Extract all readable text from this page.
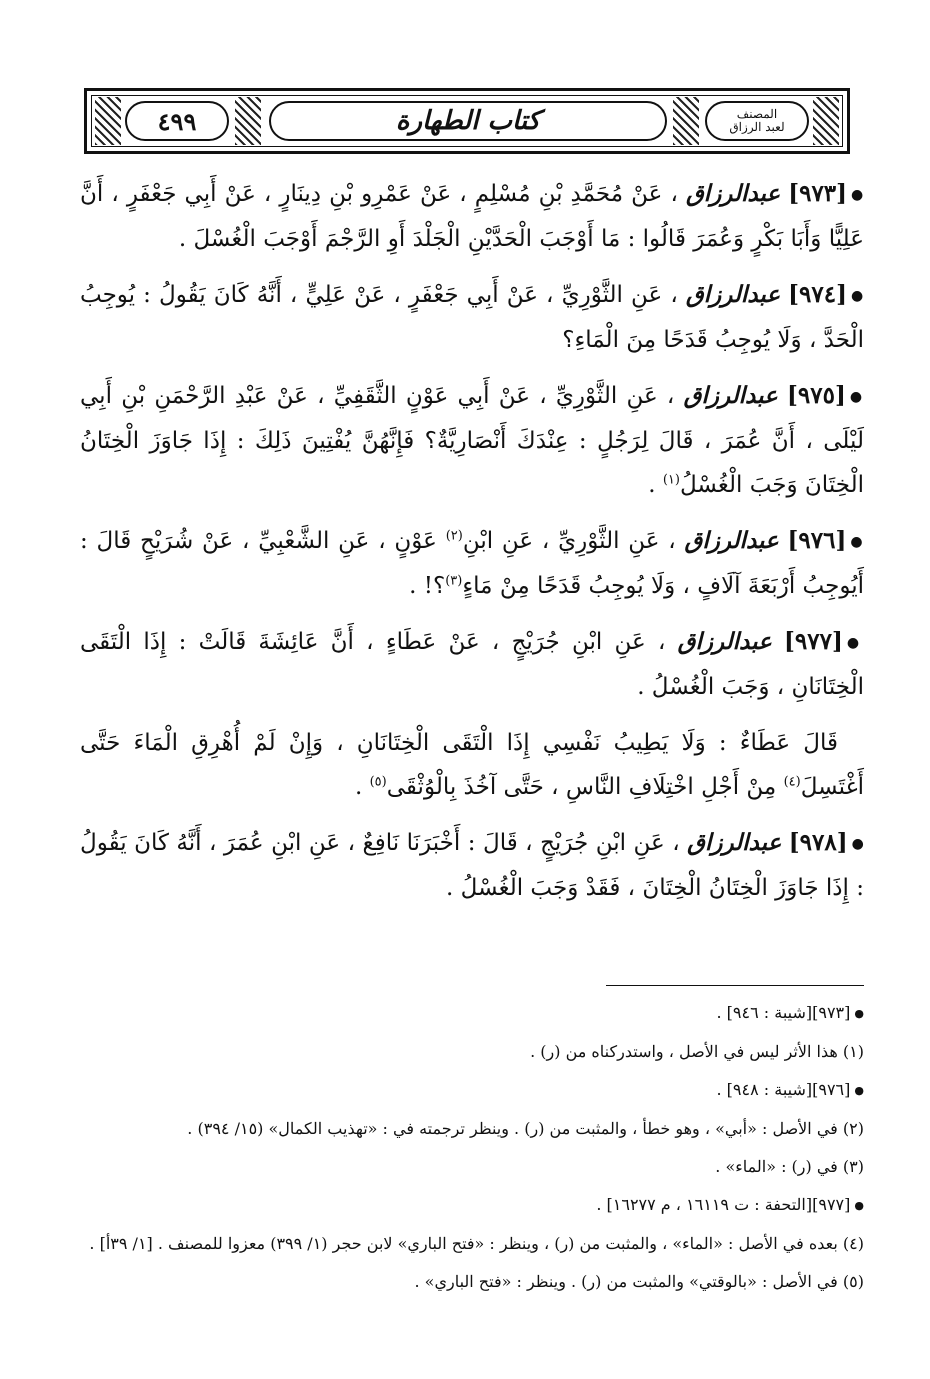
٤٩٩	كتاب الطهارة	المصنف
لعبد الرزاق

●[٩٧٣] عبدالرزاق ، عَنْ مُحَمَّدِ بْنِ مُسْلِمٍ ، عَنْ عَمْرِو بْنِ دِينَارٍ ، عَنْ أَبِي جَعْفَرٍ ، أَنَّ عَلِيًّا وَأَبَا بَكْرٍ وَعُمَرَ قَالُوا : مَا أَوْجَبَ الْحَدَّيْنِ الْجَلْدَ أَوِ الرَّجْمَ أَوْجَبَ الْغُسْلَ .

●[٩٧٤] عبدالرزاق ، عَنِ الثَّوْرِيِّ ، عَنْ أَبِي جَعْفَرٍ ، عَنْ عَلِيٍّ ، أَنَّهُ كَانَ يَقُولُ : يُوجِبُ الْحَدَّ ، وَلَا يُوجِبُ قَدَحًا مِنَ الْمَاءِ؟

●[٩٧٥] عبدالرزاق ، عَنِ الثَّوْرِيِّ ، عَنْ أَبِي عَوْنٍ الثَّقَفِيِّ ، عَنْ عَبْدِ الرَّحْمَنِ بْنِ أَبِي لَيْلَى ، أَنَّ عُمَرَ ، قَالَ لِرَجُلٍ : عِنْدَكَ أَنْصَارِيَّةٌ؟ فَإِنَّهُنَّ يُفْتِينَ ذَلِكَ : إِذَا جَاوَزَ الْخِتَانُ الْخِتَانَ وَجَبَ الْغُسْلُ$^{(١)}$ .

●[٩٧٦] عبدالرزاق ، عَنِ الثَّوْرِيِّ ، عَنِ ابْنِ$^{(٢)}$ عَوْنٍ ، عَنِ الشَّعْبِيِّ ، عَنْ شُرَيْحٍ قَالَ : أَيُوجِبُ أَرْبَعَةَ آلَافٍ ، وَلَا يُوجِبُ قَدَحًا مِنْ مَاءٍ$^{(٣)}$؟! .

●[٩٧٧] عبدالرزاق ، عَنِ ابْنِ جُرَيْجٍ ، عَنْ عَطَاءٍ ، أَنَّ عَائِشَةَ قَالَتْ : إِذَا الْتَقَى الْخِتَانَانِ ، وَجَبَ الْغُسْلُ .

قَالَ عَطَاءٌ : وَلَا يَطِيبُ نَفْسِي إِذَا الْتَقَى الْخِتَانَانِ ، وَإِنْ لَمْ أُهْرِقِ الْمَاءَ حَتَّى أَغْتَسِلَ$^{(٤)}$ مِنْ أَجْلِ اخْتِلَافِ النَّاسِ ، حَتَّى آخُذَ بِالْوُثْقَى$^{(٥)}$ .

●[٩٧٨] عبدالرزاق ، عَنِ ابْنِ جُرَيْجٍ ، قَالَ : أَخْبَرَنَا نَافِعٌ ، عَنِ ابْنِ عُمَرَ ، أَنَّهُ كَانَ يَقُولُ : إِذَا جَاوَزَ الْخِتَانُ الْخِتَانَ ، فَقَدْ وَجَبَ الْغُسْلُ .

●[٩٧٣][شيبة : ٩٤٦] .

(١) هذا الأثر ليس في الأصل ، واستدركناه من (ر) .

●[٩٧٦][شيبة : ٩٤٨] .

(٢) في الأصل : «أبي» ، وهو خطأ ، والمثبت من (ر) . وينظر ترجمته في : «تهذيب الكمال» (١٥/ ٣٩٤) .

(٣) في (ر) : «الماء» .

●[٩٧٧][التحفة : ت ١٦١١٩ ، م ١٦٢٧٧] .

(٤) بعده في الأصل : «الماء» ، والمثبت من (ر) ، وينظر : «فتح الباري» لابن حجر (١/ ٣٩٩) معزوا للمصنف . [١/ ٣٩أ] .

(٥) في الأصل : «بالوقتي» والمثبت من (ر) . وينظر : «فتح الباري» .
